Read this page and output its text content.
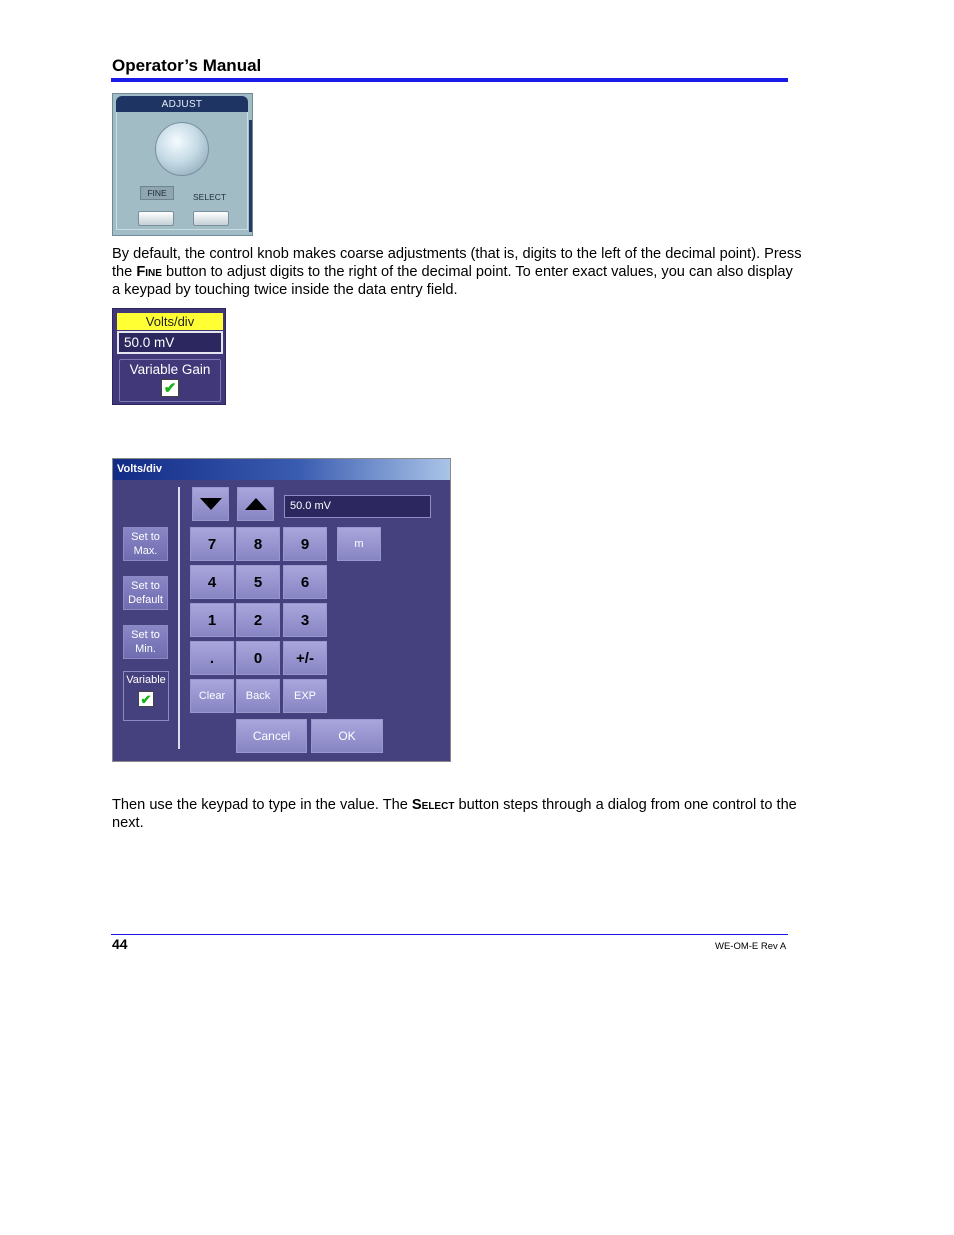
Operator’s Manual
ADJUST
FINE	SELECT
By default, the control knob makes coarse adjustments (that is, digits to the left of the decimal point). Press the Fine button to adjust digits to the right of the decimal point. To enter exact values, you can also display a keypad by touching twice inside the data entry field.
Volts/div
50.0 mV
Variable Gain
✔
Volts/div
Set to Max.
Set to Default
Set to Min.
Variable
✔
50.0 mV
7	8	9	m
4	5	6
1	2	3
.	0	+/-
Clear	Back	EXP
Cancel	OK
Then use the keypad to type in the value. The Select button steps through a dialog from one control to the next.
44	WE-OM-E Rev A
